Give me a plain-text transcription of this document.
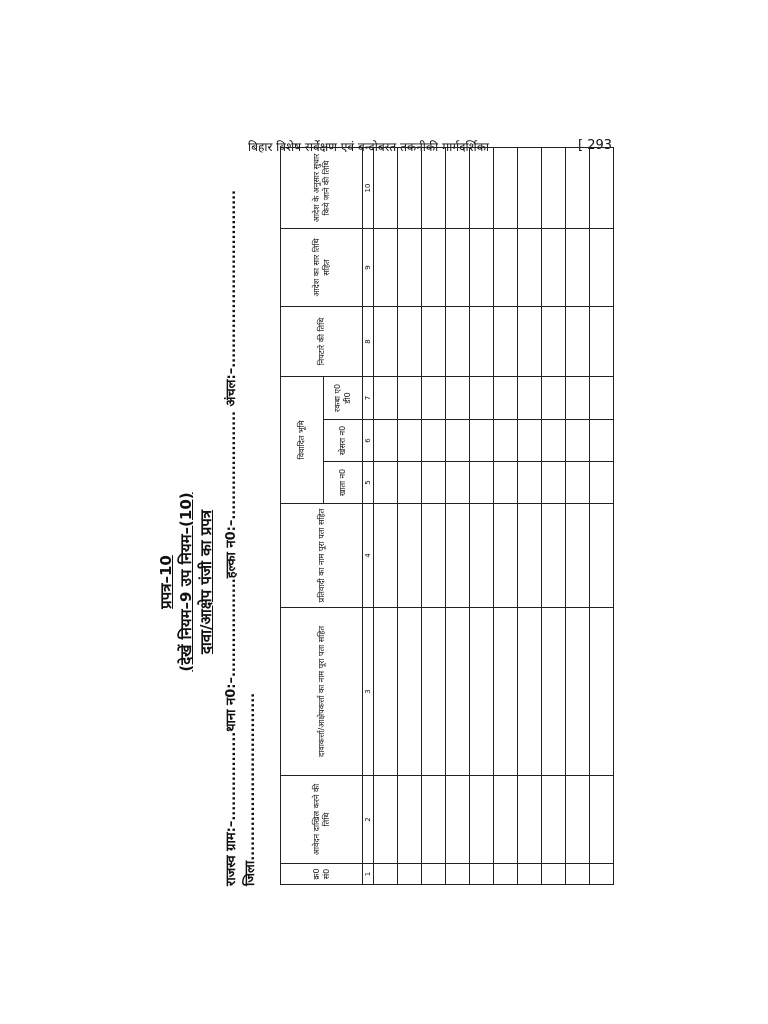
बिहार विशेष सर्वेक्षण एवं बन्दोबस्त तकनीकी मार्गदर्शिका	[ 293
प्रपत्र–10 (देखें नियम–9 उप नियम–(10) दावा/आक्षेप पंजी का प्रपत्र राजस्व ग्राम:–..................थाना न0:–....................हल्का न0:–...................... अंचल:–.................................... जिला..................................	क्र0 सं0	आवेदन दाखिल करने की तिथि	दावाकर्त्ता/आक्षेपकर्त्ता का नाम पूरा पता सहित	प्रतिवादी का नाम पूरा पता सहित	विवादित भूमि			निपटारे की तिथि	आदेश का सार तिथि सहित	आदेश के अनुसार सुधार किये जाने की तिथि
				खाता न0	खेसरा न0	रकबा ए0 डी0			
1	2	3	4	5	6	7	8	9	10
